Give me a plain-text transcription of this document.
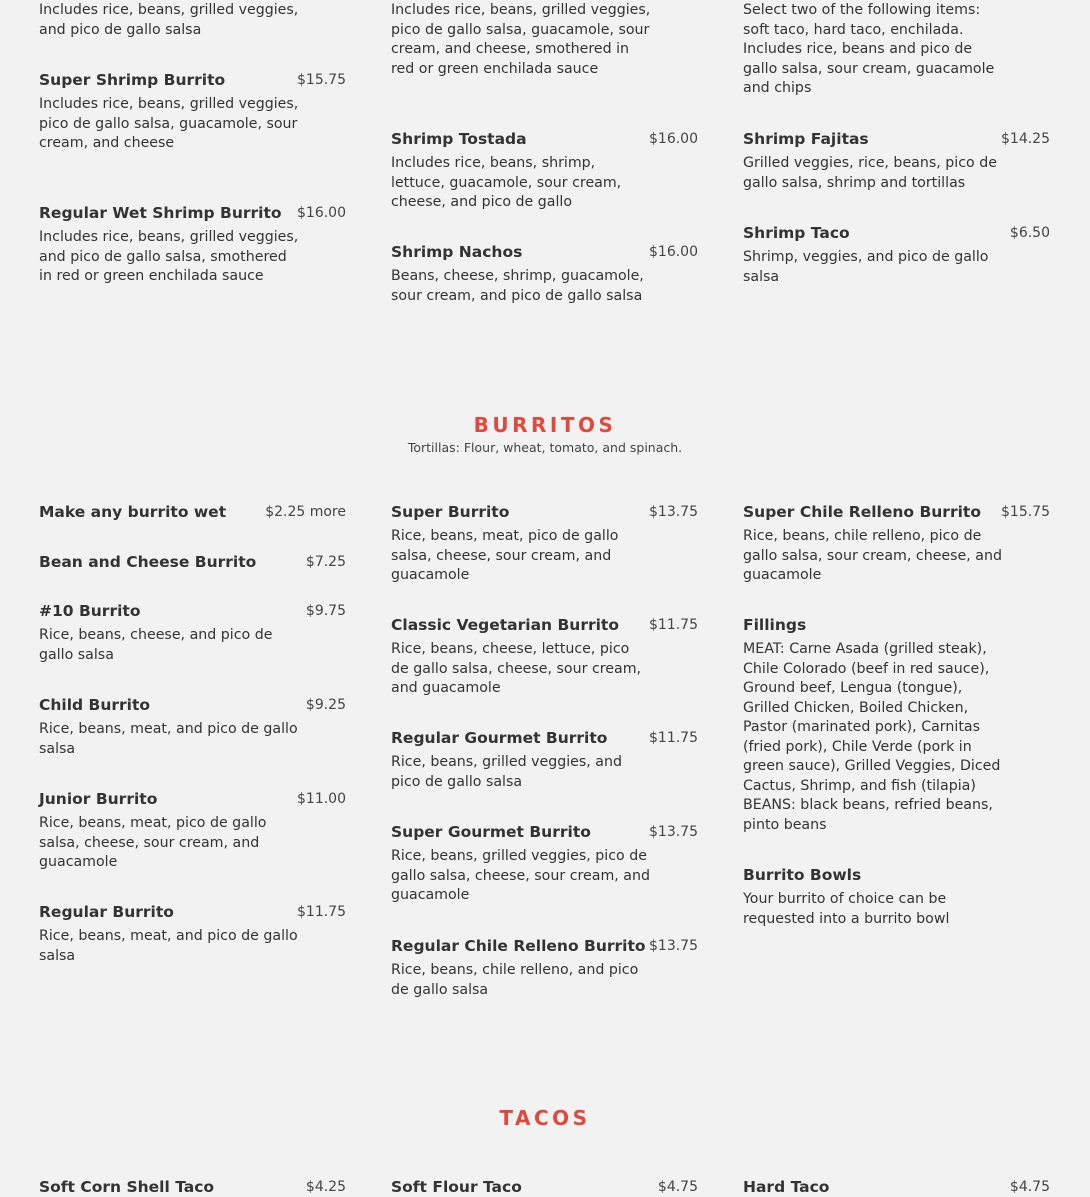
Includes rice, beans, grilled veggies, and pico de gallo salsa
Super Shrimp Burrito	$15.75
Includes rice, beans, grilled veggies, pico de gallo salsa, guacamole, sour cream, and cheese
Regular Wet Shrimp Burrito $16.00
Includes rice, beans, grilled veggies, and pico de gallo salsa, smothered in red or green enchilada sauce
Includes rice, beans, grilled veggies, pico de gallo salsa, guacamole, sour cream, and cheese, smothered in red or green enchilada sauce
Shrimp Tostada	$16.00
Includes rice, beans, shrimp, lettuce, guacamole, sour cream, cheese, and pico de gallo
Shrimp Nachos	$16.00
Beans, cheese, shrimp, guacamole, sour cream, and pico de gallo salsa
Select two of the following items: soft taco, hard taco, enchilada. Includes rice, beans and pico de gallo salsa, sour cream, guacamole and chips
Shrimp Fajitas	$14.25
Grilled veggies, rice, beans, pico de gallo salsa, shrimp and tortillas
Shrimp Taco	$6.50
Shrimp, veggies, and pico de gallo salsa
BURRITOS
Tortillas: Flour, wheat, tomato, and spinach.
Make any burrito wet	$2.25 more
Bean and Cheese Burrito	$7.25
#10 Burrito	$9.75
Rice, beans, cheese, and pico de gallo salsa
Child Burrito	$9.25
Rice, beans, meat, and pico de gallo salsa
Junior Burrito	$11.00
Rice, beans, meat, pico de gallo salsa, cheese, sour cream, and guacamole
Regular Burrito	$11.75
Rice, beans, meat, and pico de gallo salsa
Super Burrito	$13.75
Rice, beans, meat, pico de gallo salsa, cheese, sour cream, and guacamole
Classic Vegetarian Burrito $11.75
Rice, beans, cheese, lettuce, pico de gallo salsa, cheese, sour cream, and guacamole
Regular Gourmet Burrito	$11.75
Rice, beans, grilled veggies, and pico de gallo salsa
Super Gourmet Burrito	$13.75
Rice, beans, grilled veggies, pico de gallo salsa, cheese, sour cream, and guacamole
Regular Chile Relleno Burrito $13.75
Rice, beans, chile relleno, and pico de gallo salsa
Super Chile Relleno Burrito $15.75
Rice, beans, chile relleno, pico de gallo salsa, sour cream, cheese, and guacamole
Fillings
MEAT: Carne Asada (grilled steak), Chile Colorado (beef in red sauce), Ground beef, Lengua (tongue), Grilled Chicken, Boiled Chicken, Pastor (marinated pork), Carnitas (fried pork), Chile Verde (pork in green sauce), Grilled Veggies, Diced Cactus, Shrimp, and fish (tilapia) BEANS: black beans, refried beans, pinto beans
Burrito Bowls
Your burrito of choice can be requested into a burrito bowl
TACOS
Soft Corn Shell Taco	$4.25	Soft Flour Taco	$4.75	Hard Taco	$4.75
